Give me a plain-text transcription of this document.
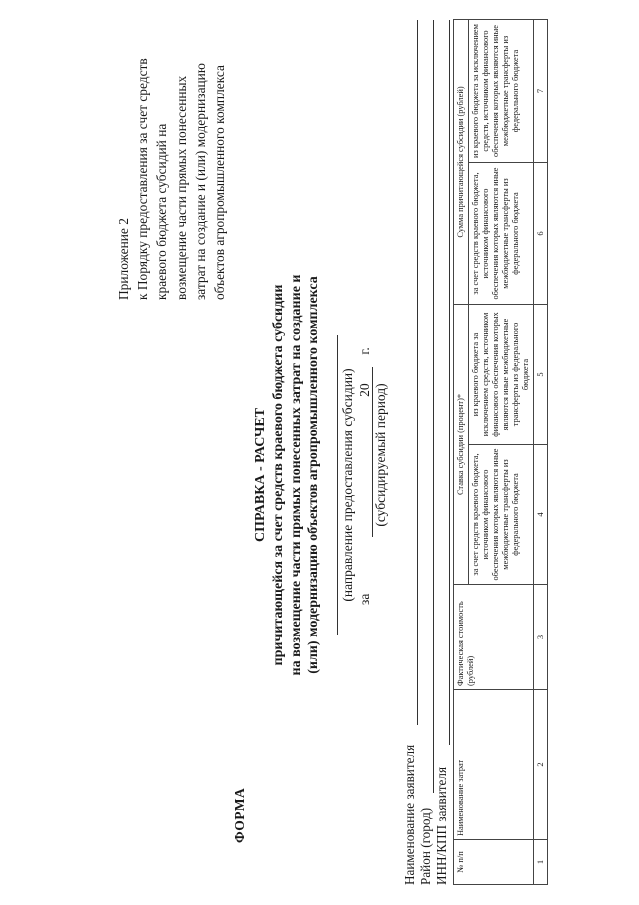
Приложение 2 к Порядку предоставления за счет средств краевого бюджета субсидий на возмещение части прямых понесенных затрат на создание и (или) модернизацию объектов агропромышленного комплекса
ФОРМА
СПРАВКА - РАСЧЕТ причитающейся за счет средств краевого бюджета субсидии на возмещение части прямых понесенных затрат на создание и (или) модернизацию объектов агропромышленного комплекса (направление предоставления субсидии) за  20  г.
(субсидируемый период)
Наименование заявителя Район (город) ИНН/КПП заявителя № п/п	Наименование затрат	Фактическая стоимость (рублей)	Ставка субсидии (процент)*		Сумма причитающейся субсидии (рублей)	
			за счет средств краевого бюджета, источником финансового обеспечения которых являются иные межбюджетные трансферты из федерального бюджета	из краевого бюджета за исключением средств, источником финансового обеспечения которых являются иные межбюджетные трансферты из федерального бюджета	за счет средств краевого бюджета, источником финансового обеспечения которых являются иные межбюджетные трансферты из федерального бюджета	из краевого бюджета за исключением средств, источником финансового обеспечения которых являются иные межбюджетные трансферты из федерального бюджета
1	2	3	4	5	6	7
